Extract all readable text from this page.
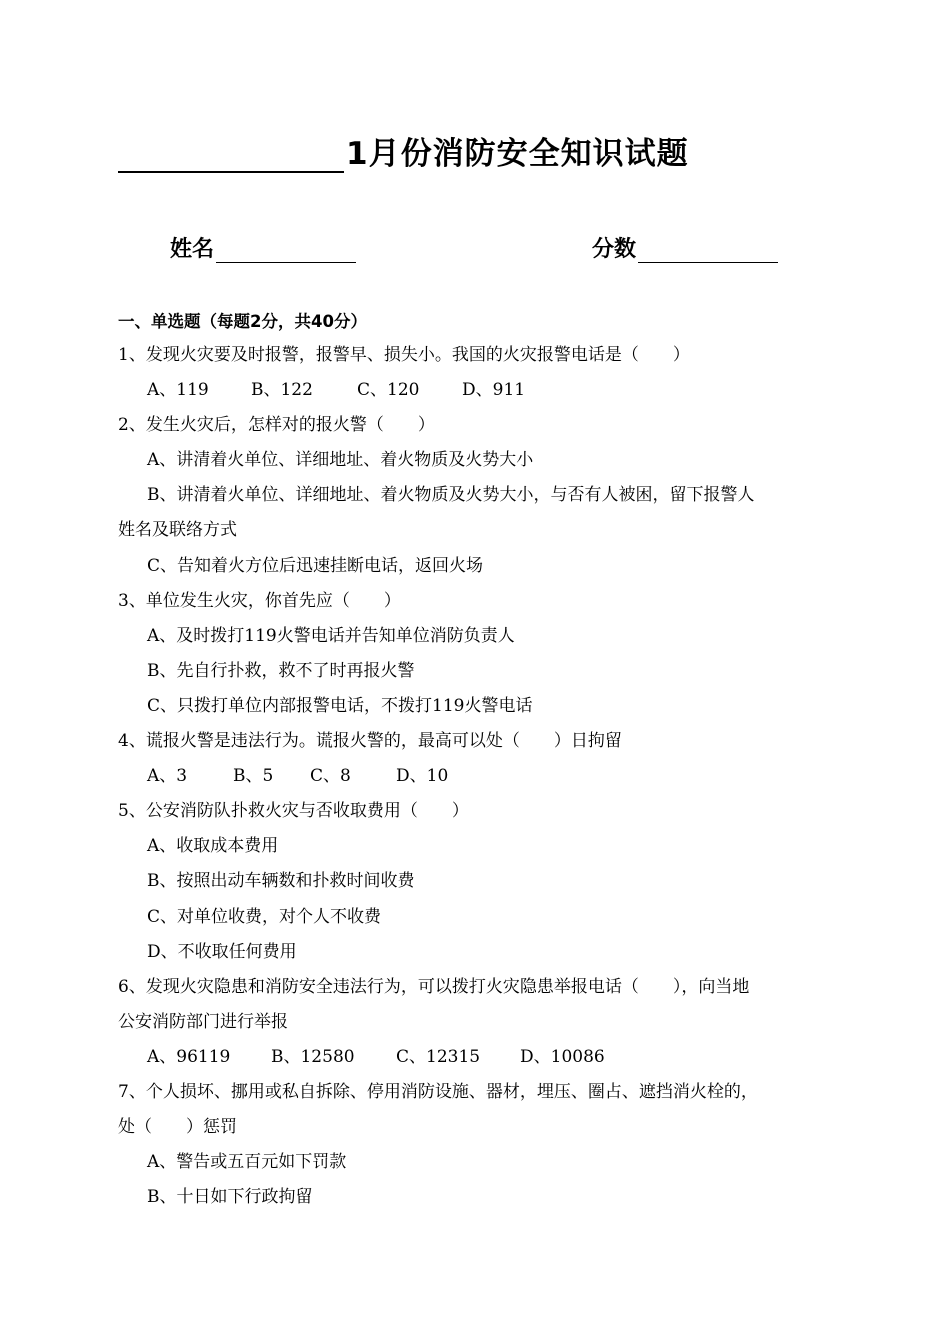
1月份消防安全知识试题
姓名	分数
一、单选题（每题2分，共40分）
1、发现火灾要及时报警，报警早、损失小。我国的火灾报警电话是（　　）
A、119 B、122	C、120	D、911
2、发生火灾后，怎样对的报火警（　　）
A、讲清着火单位、详细地址、着火物质及火势大小
B、讲清着火单位、详细地址、着火物质及火势大小，与否有人被困，留下报警人
姓名及联络方式
C、告知着火方位后迅速挂断电话，返回火场
3、单位发生火灾，你首先应（　　）
A、及时拨打119火警电话并告知单位消防负责人
B、先自行扑救，救不了时再报火警
C、只拨打单位内部报警电话，不拨打119火警电话
4、谎报火警是违法行为。谎报火警的，最高可以处（　　）日拘留
A、3	B、5 C、8	D、10
5、公安消防队扑救火灾与否收取费用（　　）
A、收取成本费用
B、按照出动车辆数和扑救时间收费
C、对单位收费，对个人不收费
D、不收取任何费用
6、发现火灾隐患和消防安全违法行为，可以拨打火灾隐患举报电话（　　），向当地
公安消防部门进行举报
A、96119 B、12580 C、12315 D、10086
7、个人损坏、挪用或私自拆除、停用消防设施、器材，埋压、圈占、遮挡消火栓的，
处（　　）惩罚
A、警告或五百元如下罚款
B、十日如下行政拘留
